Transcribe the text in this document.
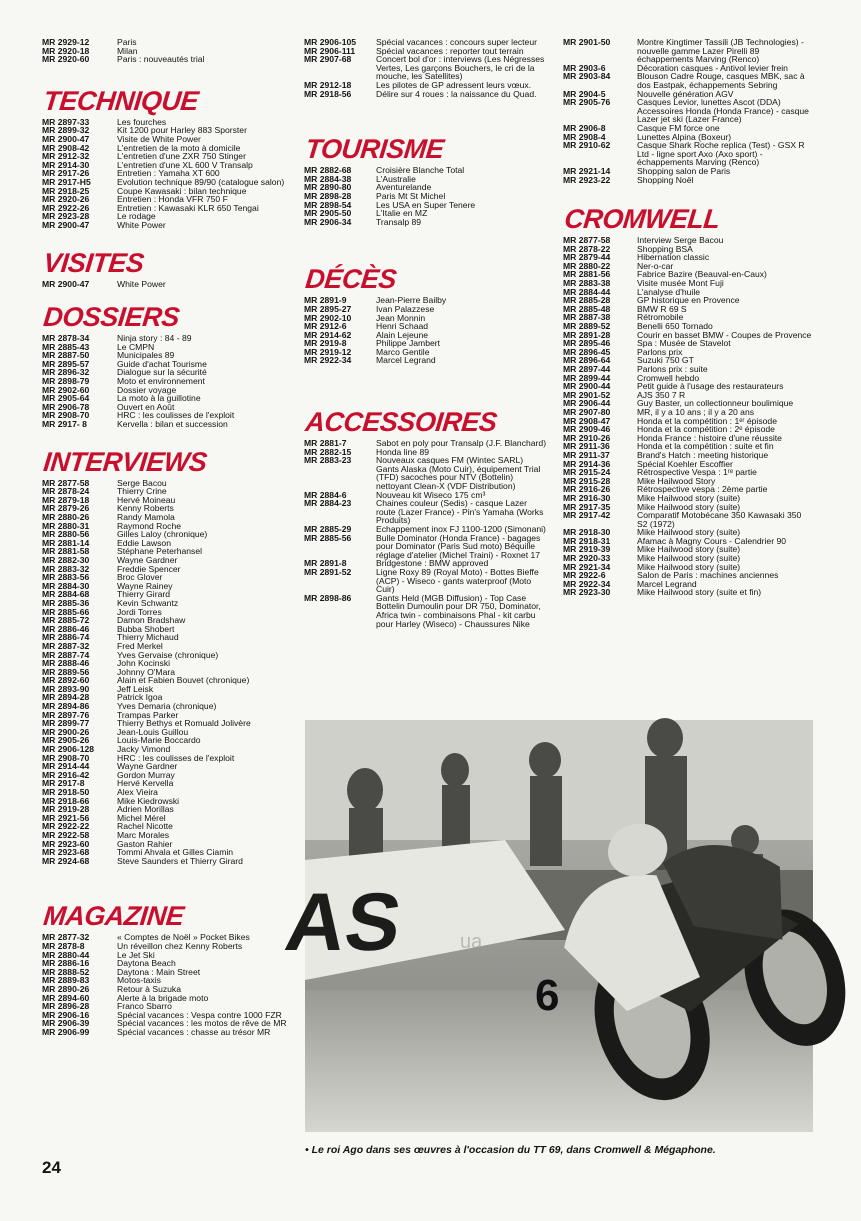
MR 2929-12	Paris
MR 2920-18	Milan
MR 2920-60	Paris : nouveautés trial
TECHNIQUE
MR 2897-33	Les fourches
MR 2899-32	Kit 1200 pour Harley 883 Sporster
MR 2900-47	Visite de White Power
MR 2908-42	L'entretien de la moto à domicile
MR 2912-32	L'entretien d'une ZXR 750 Stinger
MR 2914-30	L'entretien d'une XL 600 V Transalp
MR 2917-26	Entretien : Yamaha XT 600
MR 2917-H5	Evolution technique 89/90 (catalogue salon)
MR 2918-25	Coupe Kawasaki : bilan technique
MR 2920-26	Entretien : Honda VFR 750 F
MR 2922-26	Entretien : Kawasaki KLR 650 Tengai
MR 2923-28	Le rodage
MR 2900-47	White Power
VISITES
MR 2900-47	White Power
DOSSIERS
MR 2878-34	Ninja story : 84 - 89
MR 2885-43	Le CMPN
MR 2887-50	Municipales 89
MR 2895-57	Guide d'achat Tourisme
MR 2896-32	Dialogue sur la sécurité
MR 2898-79	Moto et environnement
MR 2902-60	Dossier voyage
MR 2905-64	La moto à la guillotine
MR 2906-78	Ouvert en Août
MR 2908-70	HRC : les coulisses de l'exploit
MR 2917- 8	Kervella : bilan et succession
INTERVIEWS
MR 2877-58	Serge Bacou
MR 2878-24	Thierry Crine
MR 2879-18	Hervé Moineau
MR 2879-26	Kenny Roberts
MR 2880-26	Randy Mamola
MR 2880-31	Raymond Roche
MR 2880-56	Gilles Laloy (chronique)
MR 2881-14	Eddie Lawson
MR 2881-58	Stéphane Peterhansel
MR 2882-30	Wayne Gardner
MR 2883-32	Freddie Spencer
MR 2883-56	Broc Glover
MR 2884-30	Wayne Rainey
MR 2884-68	Thierry Girard
MR 2885-36	Kevin Schwantz
MR 2885-66	Jordi Torres
MR 2885-72	Damon Bradshaw
MR 2886-46	Bubba Shobert
MR 2886-74	Thierry Michaud
MR 2887-32	Fred Merkel
MR 2887-74	Yves Gervaise (chronique)
MR 2888-46	John Kocinski
MR 2889-56	Johnny O'Mara
MR 2892-60	Alain et Fabien Bouvet (chronique)
MR 2893-90	Jeff Leisk
MR 2894-28	Patrick Igoa
MR 2894-86	Yves Demaria (chronique)
MR 2897-76	Trampas Parker
MR 2899-77	Thierry Bethys et Romuald Jolivère
MR 2900-26	Jean-Louis Guillou
MR 2905-26	Louis-Marie Boccardo
MR 2906-128	Jacky Vimond
MR 2908-70	HRC : les coulisses de l'exploit
MR 2914-44	Wayne Gardner
MR 2916-42	Gordon Murray
MR 2917-8	Hervé Kervella
MR 2918-50	Alex Vieira
MR 2918-66	Mike Kiedrowski
MR 2919-28	Adrien Morillas
MR 2921-56	Michel Mérel
MR 2922-22	Rachel Nicotte
MR 2922-58	Marc Morales
MR 2923-60	Gaston Rahier
MR 2923-68	Tommi Ahvala et Gilles Ciamin
MR 2924-68	Steve Saunders et Thierry Girard
MAGAZINE
MR 2877-32	« Comptes de Noël » Pocket Bikes
MR 2878-8	Un réveillon chez Kenny Roberts
MR 2880-44	Le Jet Ski
MR 2886-16	Daytona Beach
MR 2888-52	Daytona : Main Street
MR 2889-83	Motos-taxis
MR 2890-26	Retour à Suzuka
MR 2894-60	Alerte à la brigade moto
MR 2896-28	Franco Sbarro
MR 2906-16	Spécial vacances : Vespa contre 1000 FZR
MR 2906-39	Spécial vacances : les motos de rêve de MR
MR 2906-99	Spécial vacances : chasse au trésor MR
MR 2906-105	Spécial vacances : concours super lecteur
MR 2906-111	Spécial vacances : reporter tout terrain
MR 2907-68	Concert bol d'or : interviews (Les Négresses Vertes, Les garçons Bouchers, le cri de la mouche, les Satellites)
MR 2912-18	Les pilotes de GP adressent leurs vœux.
MR 2918-56	Délire sur 4 roues : la naissance du Quad.
TOURISME
MR 2882-68	Croisière Blanche Total
MR 2884-38	L'Australie
MR 2890-80	Aventurelande
MR 2898-28	Paris Mt St Michel
MR 2898-54	Les USA en Super Tenere
MR 2905-50	L'Italie en MZ
MR 2906-34	Transalp 89
DÉCÈS
MR 2891-9	Jean-Pierre Bailby
MR 2895-27	Ivan Palazzese
MR 2902-10	Jean Monnin
MR 2912-6	Henri Schaad
MR 2914-62	Alain Lejeune
MR 2919-8	Philippe Jambert
MR 2919-12	Marco Gentile
MR 2922-34	Marcel Legrand
ACCESSOIRES
MR 2881-7	Sabot en poly pour Transalp (J.F. Blanchard)
MR 2882-15	Honda line 89
MR 2883-23	Nouveaux casques FM (Wintec SARL) Gants Alaska (Moto Cuir), équipement Trial (TFD) sacoches pour NTV (Bottelin) nettoyant Clean-X (VDF Distribution)
MR 2884-6	Nouveau kit Wiseco 175 cm³
MR 2884-23	Chaines couleur (Sedis) - casque Lazer route (Lazer France) - Pin's Yamaha (Works Produits)
MR 2885-29	Echappement inox FJ 1100-1200 (Simonani)
MR 2885-56	Bulle Dominator (Honda France) - bagages pour Dominator (Paris Sud moto) Béquille réglage d'atelier (Michel Traini) - Roxnet 17
MR 2891-8	Bridgestone : BMW approved
MR 2891-52	Ligne Roxy 89 (Royal Moto) - Bottes Bieffe (ACP) - Wiseco - gants waterproof (Moto Cuir)
MR 2898-86	Gants Held (MGB Diffusion) - Top Case Bottelin Dumoulin pour DR 750, Dominator, Africa twin - combinaisons Phal - kit carbu pour Harley (Wiseco) - Chaussures Nike
MR 2901-50	Montre Kingtimer Tassili (JB Technologies) - nouvelle gamme Lazer Pirelli 89 échappements Marving (Renco)
MR 2903-6	Décoration casques - Antivol levier frein
MR 2903-84	Blouson Cadre Rouge, casques MBK, sac à dos Eastpak, échappements Sebring
MR 2904-5	Nouvelle génération AGV
MR 2905-76	Casques Levior, lunettes Ascot (DDA) Accessoires Honda (Honda France) - casque Lazer jet ski (Lazer France)
MR 2906-8	Casque FM force one
MR 2908-4	Lunettes Alpina (Boxeur)
MR 2910-62	Casque Shark Roche replica (Test) - GSX R Ltd - ligne sport Axo (Axo sport) - échappements Marving (Renco)
MR 2921-14	Shopping salon de Paris
MR 2923-22	Shopping Noël
CROMWELL
MR 2877-58	Interview Serge Bacou
MR 2878-22	Shopping BSA
MR 2879-44	Hibernation classic
MR 2880-22	Ner-o-car
MR 2881-56	Fabrice Bazire (Beauval-en-Caux)
MR 2883-38	Visite musée Mont Fuji
MR 2884-44	L'analyse d'huile
MR 2885-28	GP historique en Provence
MR 2885-48	BMW R 69 S
MR 2887-38	Rétromobile
MR 2889-52	Benelli 650 Tornado
MR 2891-28	Courir en basset BMW - Coupes de Provence
MR 2895-46	Spa : Musée de Stavelot
MR 2896-45	Parlons prix
MR 2896-64	Suzuki 750 GT
MR 2897-44	Parlons prix : suite
MR 2899-44	Cromwell hebdo
MR 2900-44	Petit guide à l'usage des restaurateurs
MR 2901-52	AJS 350 7 R
MR 2906-44	Guy Baster, un collectionneur boulimique
MR 2907-80	MR, il y a 10 ans ; il y a 20 ans
MR 2908-47	Honda et la compétition : 1ᵉʳ épisode
MR 2909-46	Honda et la compétition : 2ᵉ épisode
MR 2910-26	Honda France : histoire d'une réussite
MR 2911-36	Honda et la compétition : suite et fin
MR 2911-37	Brand's Hatch : meeting historique
MR 2914-36	Spécial Koehler Escoffier
MR 2915-24	Rétrospective Vespa : 1ʳᵉ partie
MR 2915-28	Mike Hailwood Story
MR 2916-26	Rétrospective vespa : 2ème partie
MR 2916-30	Mike Hailwood story (suite)
MR 2917-35	Mike Hailwood story (suite)
MR 2917-42	Comparatif Motobécane 350 Kawasaki 350 S2 (1972)
MR 2918-30	Mike Hailwood story (suite)
MR 2918-31	Afamac à Magny Cours - Calendrier 90
MR 2919-39	Mike Hailwood story (suite)
MR 2920-33	Mike Hailwood story (suite)
MR 2921-34	Mike Hailwood story (suite)
MR 2922-6	Salon de Paris : machines anciennes
MR 2922-34	Marcel Legrand
MR 2923-30	Mike Hailwood story (suite et fin)
AS
6
ua
• Le roi Ago dans ses œuvres à l'occasion du TT 69, dans Cromwell & Mégaphone.
24
